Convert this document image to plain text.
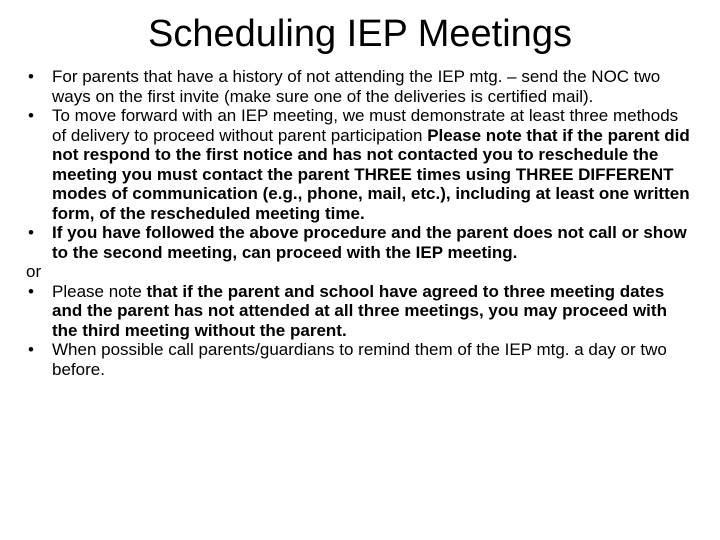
Scheduling IEP Meetings
• For parents that have a history of not attending the IEP mtg. – send the NOC two ways on the first invite (make sure one of the deliveries is certified mail).
• To move forward with an IEP meeting, we must demonstrate at least three methods of delivery to proceed without parent participation Please note that if the parent did not respond to the first notice and has not contacted you to reschedule the meeting you must contact the parent THREE times using THREE DIFFERENT modes of communication (e.g., phone, mail, etc.), including at least one written form, of the rescheduled meeting time.
• If you have followed the above procedure and the parent does not call or show to the second meeting, can proceed with the IEP meeting.
or
• Please note that if the parent and school have agreed to three meeting dates and the parent has not attended at all three meetings, you may proceed with the third meeting without the parent.
• When possible call parents/guardians to remind them of the IEP mtg. a day or two before.
